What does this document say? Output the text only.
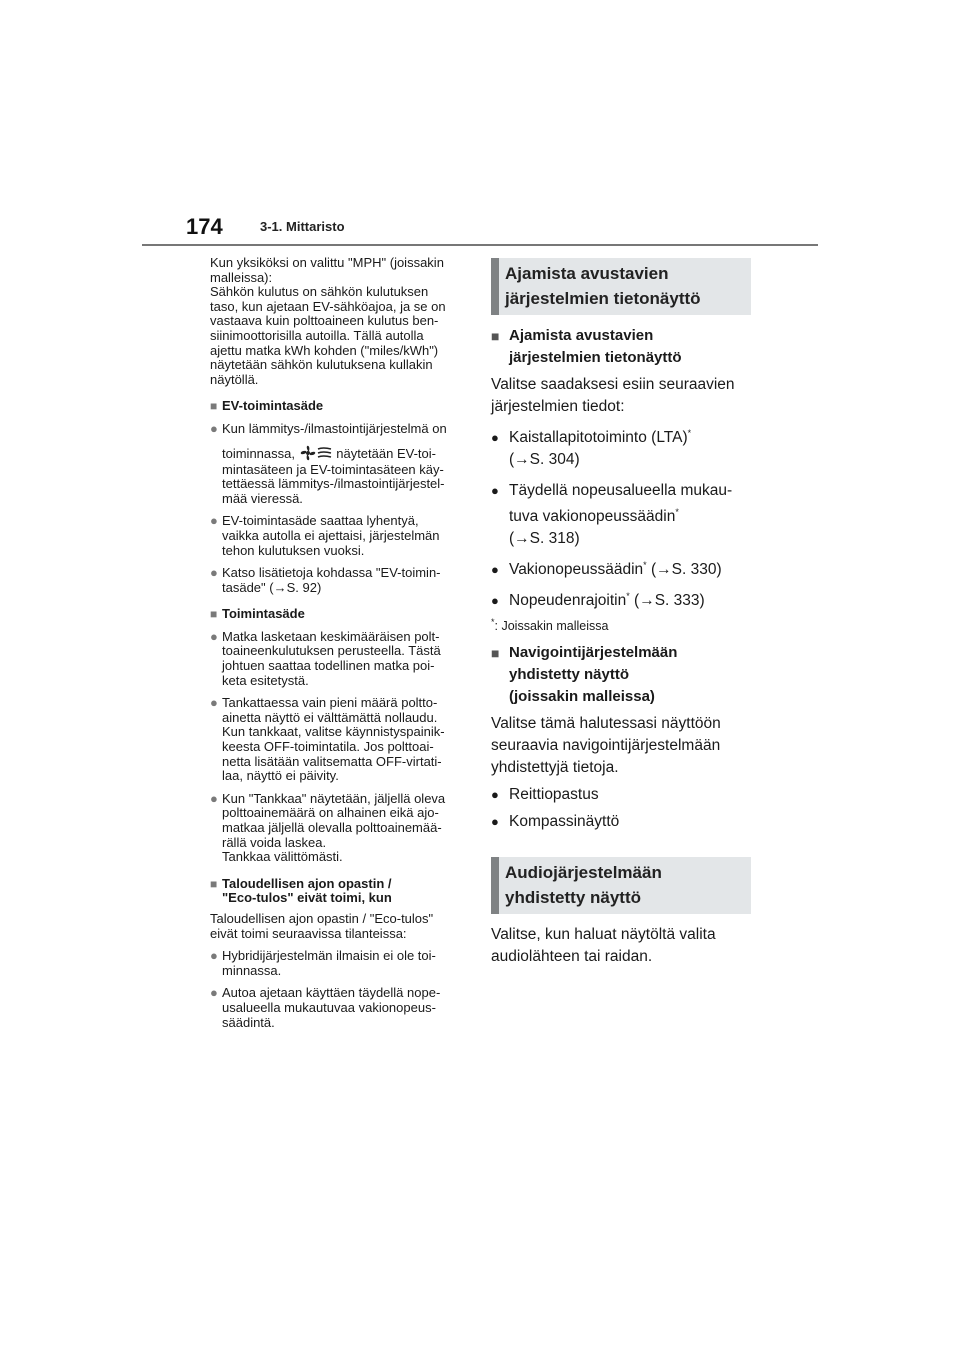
174	3-1. Mittaristo

Kun yksiköksi on valittu "MPH" (joissakin

malleissa):

Sähkön kulutus on sähkön kulutuksen

taso, kun ajetaan EV-sähköajoa, ja se on

vastaava kuin polttoaineen kulutus ben-

siinimoottorisilla autoilla. Tällä autolla

ajettu matka kWh kohden ("miles/kWh")

näytetään sähkön kulutuksena kullakin

näytöllä.

■ EV-toimintasäde
● Kun lämmitys-/ilmastointijärjestelmä on

toiminnassa,	näytetään EV-toi-

mintasäteen ja EV-toimintasäteen käy-

tettäessä lämmitys-/ilmastointijärjestel-

mää vieressä.

● EV-toimintasäde saattaa lyhentyä,

vaikka autolla ei ajettaisi, järjestelmän

tehon kulutuksen vuoksi.

● Katso lisätietoja kohdassa "EV-toimin-

tasäde" (→S. 92)

■ Toimintasäde
● Matka lasketaan keskimääräisen polt-

toaineenkulutuksen perusteella. Tästä

johtuen saattaa todellinen matka poi-

keta esitetystä.

● Tankattaessa vain pieni määrä poltto-

ainetta näyttö ei välttämättä nollaudu.

Kun tankkaat, valitse käynnistyspainik-

keesta OFF-toimintatila. Jos polttoai-

netta lisätään valitsematta OFF-virtati-

laa, näyttö ei päivity.

● Kun "Tankkaa" näytetään, jäljellä oleva

polttoainemäärä on alhainen eikä ajo-

matkaa jäljellä olevalla polttoainemää-

rällä voida laskea.

Tankkaa välittömästi.

■ Taloudellisen ajon opastin /

"Eco-tulos" eivät toimi, kun

Taloudellisen ajon opastin / "Eco-tulos"

eivät toimi seuraavissa tilanteissa:

● Hybridijärjestelmän ilmaisin ei ole toi-

minnassa.

● Autoa ajetaan käyttäen täydellä nope-

usalueella mukautuvaa vakionopeus-

säädintä.

Ajamista avustavien
järjestelmien tietonäyttö
■ Ajamista avustavien
järjestelmien tietonäyttö
Valitse saadaksesi esiin seuraavien
järjestelmien tiedot:
● Kaistallapitotoiminto (LTA)*
(→S. 304)
● Täydellä nopeusalueella mukau-
tuva vakionopeussäädin*
(→S. 318)
● Vakionopeussäädin* (→S. 330)
● Nopeudenrajoitin* (→S. 333)
*: Joissakin malleissa
■ Navigointijärjestelmään
yhdistetty näyttö
(joissakin malleissa)
Valitse tämä halutessasi näyttöön
seuraavia navigointijärjestelmään
yhdistettyjä tietoja.
● Reittiopastus
● Kompassinäyttö
Audiojärjestelmään
yhdistetty näyttö
Valitse, kun haluat näytöltä valita
audiolähteen tai raidan.
